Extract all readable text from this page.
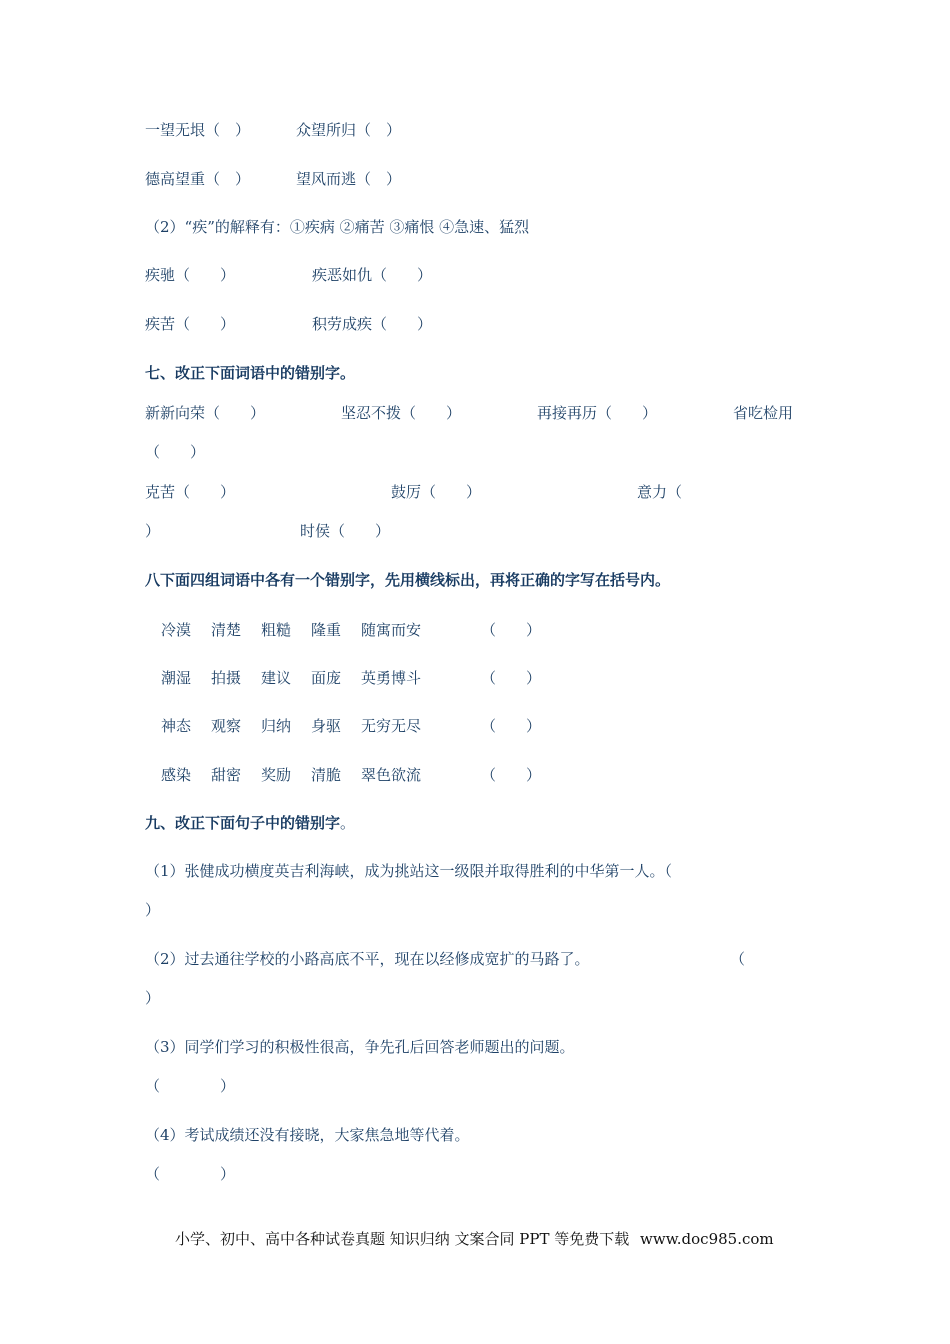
一望无垠（　）	众望所归（　）
德高望重（　）	望风而逃（　）
（2）“疾”的解释有：①疾病 ②痛苦 ③痛恨 ④急速、猛烈
疾驰（　　）	疾恶如仇（　　）
疾苦（　　）	积劳成疾（　　）
七、改正下面词语中的错别字。
新新向荣（　　）	坚忍不拨（　　）	再接再历（　　）	省吃检用
（　　）
克苦（　　）	鼓厉（　　）	意力（
）	时侯（　　）
八下面四组词语中各有一个错别字，先用横线标出，再将正确的字写在括号内。
冷漠 清楚 粗糙 隆重 随寓而安	（　　）
潮湿 拍摄 建议 面庞 英勇博斗	（　　）
神态 观察 归纳 身驱 无穷无尽	（　　）
感染 甜密 奖励 清脆 翠色欲流	（　　）
九、改正下面句子中的错别字。
（1）张健成功横度英吉利海峡，成为挑站这一级限并取得胜利的中华第一人。（
）
（2）过去通往学校的小路高底不平，现在以经修成宽扩的马路了。	（
）
（3）同学们学习的积极性很高，争先孔后回答老师题出的问题。
（　　　　）
（4）考试成绩还没有接晓，大家焦急地等代着。
（　　　　）
小学、初中、高中各种试卷真题 知识归纳 文案合同 PPT 等免费下载 www.doc985.com
